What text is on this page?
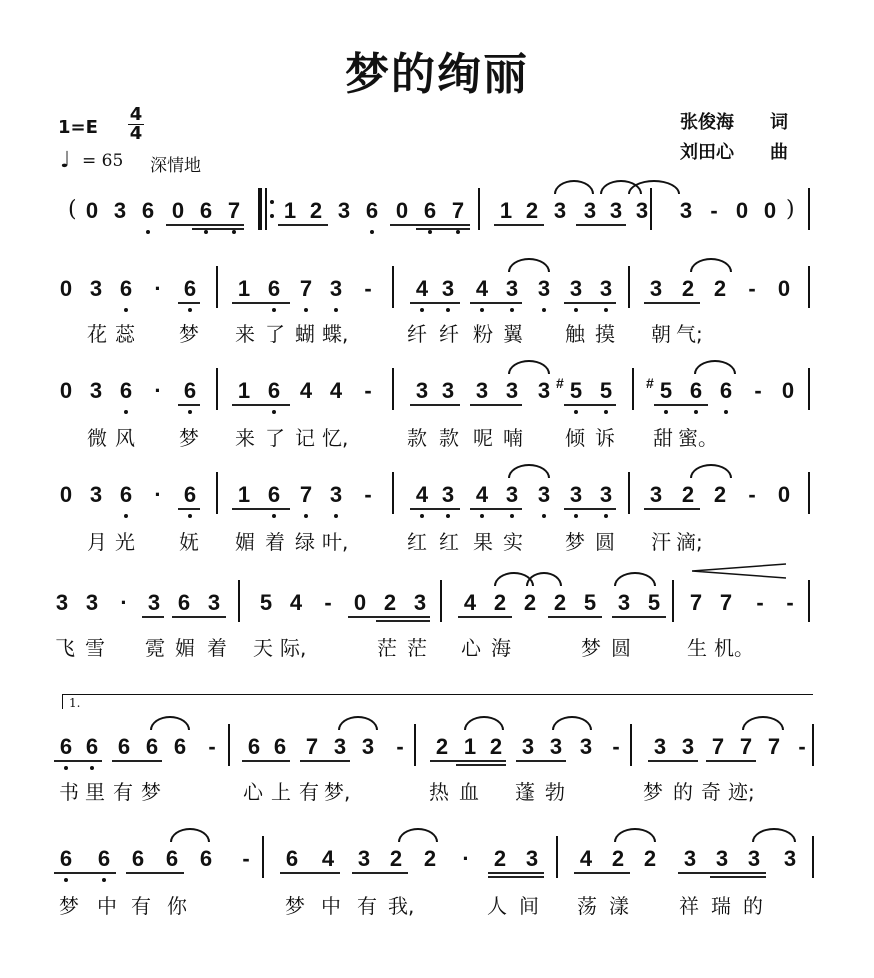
梦的绚丽
1=E
4
4
♩ = 65 深情地
张俊海 词
刘田心 曲
( 0 3 6 0 6 7 1 2 3 6 0 6 7 1 2 3 3 3 3 3 - 0 0 )
0 3 6 · 6 1 6 7 3 - 4 3 4 3 3 3 3 3 2 2 - 0
花 蕊 梦 来 了 蝴 蝶,	纤 纤 粉 翼 触 摸 朝 气;
0 3 6 · 6 1 6 4 4 - 3 3 3 3 3 5
# 5 5
# 6 6 - 0
微 风 梦 来 了 记 忆,	款 款 呢 喃 倾 诉 甜 蜜。
0 3 6 · 6 1 6 7 3 - 4 3 4 3 3 3 3 3 2 2 - 0
月 光 妩 媚 着 绿 叶,	红 红 果 实 梦 圆 汗 滴;
3 3 · 3 6 3 5 4 - 0 2 3 4 2 2 2 5 3 5 7 7 - -
飞 雪 霓 媚 着 天 际,	茫 茫 心 海	梦 圆	生 机。
6 6 6 6 6 - 6 6 7 3 3 - 2 1 2 3 3 3 - 3 3 7 7 7 -
1.
书 里 有 梦	心 上 有 梦,	热 血 蓬 勃	梦 的 奇 迹;
6 6 6 6 6 - 6 4 3 2 2 · 2 3 4 2 2 3 3 3 3
梦 中 有 你	梦 中 有 我,	人 间 荡 漾	祥 瑞 的
